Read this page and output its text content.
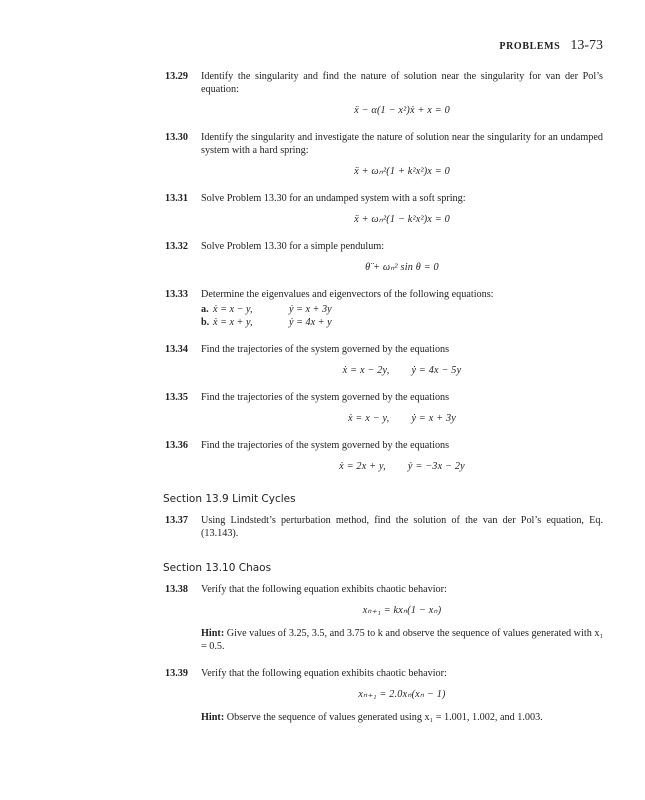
PROBLEMS 13-73
13.29	Identify the singularity and find the nature of solution near the singularity for van der Pol’s equation:
ẍ − α(1 − x²)ẋ + x = 0
13.30	Identify the singularity and investigate the nature of solution near the singularity for an undamped system with a hard spring:
ẍ + ωₙ²(1 + k²x²)x = 0
13.31	Solve Problem 13.30 for an undamped system with a soft spring:
ẍ + ωₙ²(1 − k²x²)x = 0
13.32	Solve Problem 13.30 for a simple pendulum:
θ̈ + ωₙ² sin θ = 0
13.33	Determine the eigenvalues and eigenvectors of the following equations:
a. ẋ = x − y,	ẏ = x + 3y
b. ẋ = x + y,	ẏ = 4x + y
13.34	Find the trajectories of the system governed by the equations
ẋ = x − 2y, ẏ = 4x − 5y
13.35	Find the trajectories of the system governed by the equations
ẋ = x − y, ẏ = x + 3y
13.36	Find the trajectories of the system governed by the equations
ẋ = 2x + y, ẏ = −3x − 2y
Section 13.9 Limit Cycles
13.37	Using Lindstedt’s perturbation method, find the solution of the van der Pol’s equation, Eq. (13.143).
Section 13.10 Chaos
13.38	Verify that the following equation exhibits chaotic behavior:
xₙ₊₁ = kxₙ(1 − xₙ)
Hint: Give values of 3.25, 3.5, and 3.75 to k and observe the sequence of values generated with x₁ = 0.5.
13.39	Verify that the following equation exhibits chaotic behavior:
xₙ₊₁ = 2.0xₙ(xₙ − 1)
Hint: Observe the sequence of values generated using x₁ = 1.001, 1.002, and 1.003.
